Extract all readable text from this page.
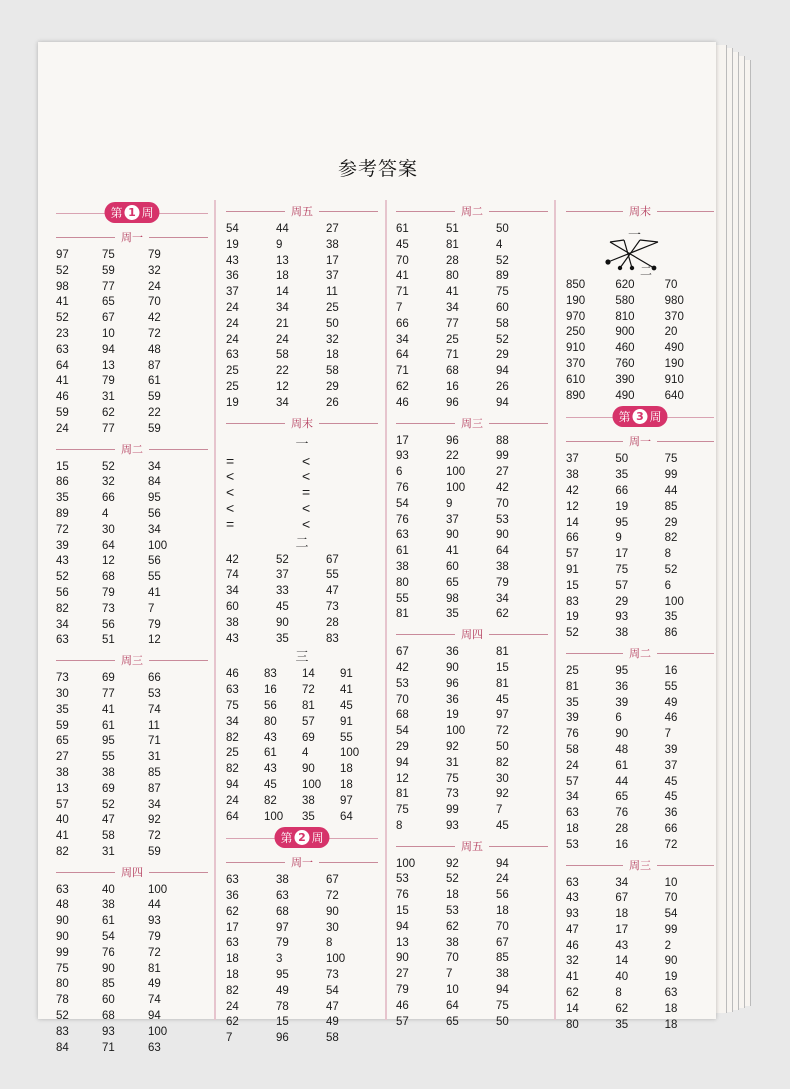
参考答案
第 1 周
周一
97	75	79
52	59	32
98	77	24
41	65	70
52	67	42
23	10	72
63	94	48
64	13	87
41	79	61
46	31	59
59	62	22
24	77	59
周二
15	52	34
86	32	84
35	66	95
89	4	56
72	30	34
39	64	100
43	12	56
52	68	55
56	79	41
82	73	7
34	56	79
63	51	12
周三
73	69	66
30	77	53
35	41	74
59	61	11
65	95	71
27	55	31
38	38	85
13	69	87
57	52	34
40	47	92
41	58	72
82	31	59
周四
63	40	100
48	38	44
90	61	93
90	54	79
99	76	72
75	90	81
80	85	49
78	60	74
52	68	94
83	93	100
84	71	63
周五
54	44	27
19	9	38
43	13	17
36	18	37
37	14	11
24	34	25
24	21	50
24	24	32
63	58	18
25	22	58
25	12	29
19	34	26
周末
一
=	<
<	<
<	=
<	<
=	<
二
42	52	67
74	37	55
34	33	47
60	45	73
38	90	28
43	35	83
三
46	83	14	91
63	16	72	41
75	56	81	45
34	80	57	91
82	43	69	55
25	61	4	100
82	43	90	18
94	45	100	18
24	82	38	97
64	100	35	64
第 2 周
周一
63	38	67
36	63	72
62	68	90
17	97	30
63	79	8
18	3	100
18	95	73
82	49	54
24	78	47
62	15	49
7	96	58
周二
61	51	50
45	81	4
70	28	52
41	80	89
71	41	75
7	34	60
66	77	58
34	25	52
64	71	29
71	68	94
62	16	26
46	96	94
周三
17	96	88
93	22	99
6	100	27
76	100	42
54	9	70
76	37	53
63	90	90
61	41	64
38	60	38
80	65	79
55	98	34
81	35	62
周四
67	36	81
42	90	15
53	96	81
70	36	45
68	19	97
54	100	72
29	92	50
94	31	82
12	75	30
81	73	92
75	99	7
8	93	45
周五
100	92	94
53	52	24
76	18	56
15	53	18
94	62	70
13	38	67
90	70	85
27	7	38
79	10	94
46	64	75
57	65	50
周末
一
二
850	620	70
190	580	980
970	810	370
250	900	20
910	460	490
370	760	190
610	390	910
890	490	640
第 3 周
周一
37	50	75
38	35	99
42	66	44
12	19	85
14	95	29
66	9	82
57	17	8
91	75	52
15	57	6
83	29	100
19	93	35
52	38	86
周二
25	95	16
81	36	55
35	39	49
39	6	46
76	90	7
58	48	39
24	61	37
57	44	45
34	65	45
63	76	36
18	28	66
53	16	72
周三
63	34	10
43	67	70
93	18	54
47	17	99
46	43	2
32	14	90
41	40	19
62	8	63
14	62	18
80	35	18
